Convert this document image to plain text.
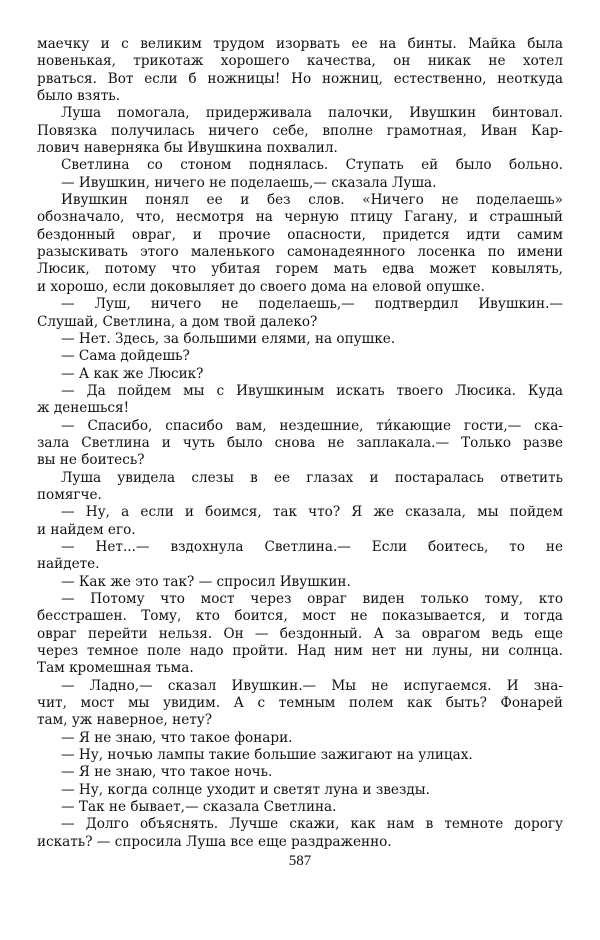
маечку и с великим трудом изорвать ее на бинты. Майка была
новенькая, трикотаж хорошего качества, он никак не хотел
рваться. Вот если б ножницы! Но ножниц, естественно, неоткуда
было взять.
Луша помогала, придерживала палочки, Ивушкин бинтовал.
Повязка получилась ничего себе, вполне грамотная, Иван Кар-
лович наверняка бы Ивушкина похвалил.
Светлина со стоном поднялась. Ступать ей было больно.
— Ивушкин, ничего не поделаешь,— сказала Луша.
Ивушкин понял ее и без слов. «Ничего не поделаешь»
обозначало, что, несмотря на черную птицу Гагану, и страшный
бездонный овраг, и прочие опасности, придется идти самим
разыскивать этого маленького самонадеянного лосенка по имени
Люсик, потому что убитая горем мать едва может ковылять,
и хорошо, если доковыляет до своего дома на еловой опушке.
— Луш, ничего не поделаешь,— подтвердил Ивушкин.—
Слушай, Светлина, а дом твой далеко?
— Нет. Здесь, за большими елями, на опушке.
— Сама дойдешь?
— А как же Люсик?
— Да пойдем мы с Ивушкиным искать твоего Люсика. Куда
ж денешься!
— Спасибо, спасибо вам, нездешние, ти́кающие гости,— ска-
зала Светлина и чуть было снова не заплакала.— Только разве
вы не боитесь?
Луша увидела слезы в ее глазах и постаралась ответить
помягче.
— Ну, а если и боимся, так что? Я же сказала, мы пойдем
и найдем его.
— Нет...— вздохнула Светлина.— Если боитесь, то не
найдете.
— Как же это так? — спросил Ивушкин.
— Потому что мост через овраг виден только тому, кто
бесстрашен. Тому, кто боится, мост не показывается, и тогда
овраг перейти нельзя. Он — бездонный. А за оврагом ведь еще
через темное поле надо пройти. Над ним нет ни луны, ни солнца.
Там кромешная тьма.
— Ладно,— сказал Ивушкин.— Мы не испугаемся. И зна-
чит, мост мы увидим. А с темным полем как быть? Фонарей
там, уж наверное, нету?
— Я не знаю, что такое фонари.
— Ну, ночью лампы такие большие зажигают на улицах.
— Я не знаю, что такое ночь.
— Ну, когда солнце уходит и светят луна и звезды.
— Так не бывает,— сказала Светлина.
— Долго объяснять. Лучше скажи, как нам в темноте дорогу
искать? — спросила Луша все еще раздраженно.
587
